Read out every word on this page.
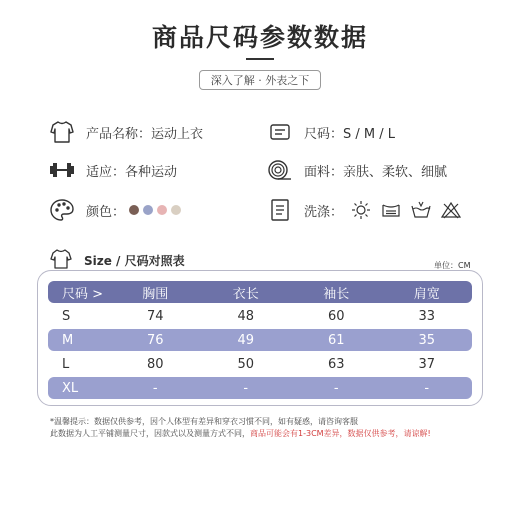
商品尺码参数数据
深入了解 · 外表之下
产品名称：运动上衣	尺码：S / M / L
适应：各种运动	面料：亲肤、柔软、细腻
颜色：	洗涤：
Size / 尺码对照表	单位：CM
尺码 >	胸围	衣长	袖长	肩宽
S	74	48	60	33
M	76	49	61	35
L	80	50	63	37
XL	-	-	-	-
*温馨提示：数据仅供参考，因个人体型有差异和穿衣习惯不同，如有疑惑，请咨询客服
此数据为人工平铺测量尺寸，因款式以及测量方式不同，商品可能会有1-3CM差异，数据仅供参考，请谅解!
